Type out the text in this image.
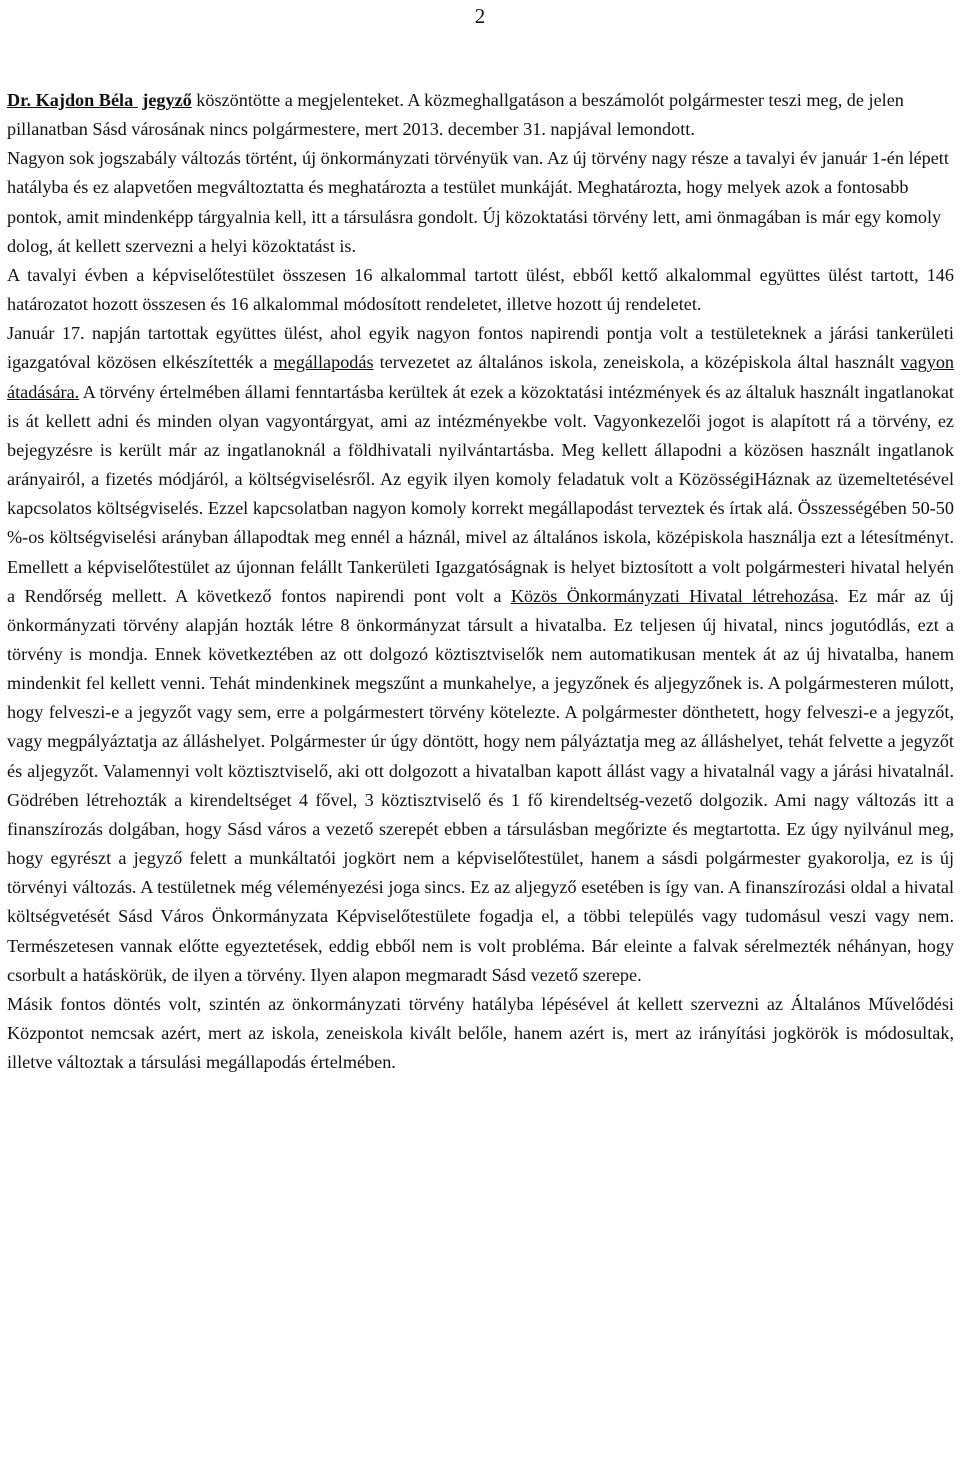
2

Dr. Kajdon Béla jegyző köszöntötte a megjelenteket. A közmeghallgatáson a beszámolót polgármester teszi meg, de jelen pillanatban Sásd városának nincs polgármestere, mert 2013. december 31. napjával lemondott.

Nagyon sok jogszabály változás történt, új önkormányzati törvényük van. Az új törvény nagy része a tavalyi év január 1-én lépett hatályba és ez alapvetően megváltoztatta és meghatározta a testület munkáját. Meghatározta, hogy melyek azok a fontosabb pontok, amit mindenképp tárgyalnia kell, itt a társulásra gondolt. Új közoktatási törvény lett, ami önmagában is már egy komoly dolog, át kellett szervezni a helyi közoktatást is.

A tavalyi évben a képviselőtestület összesen 16 alkalommal tartott ülést, ebből kettő alkalommal együttes ülést tartott, 146 határozatot hozott összesen és 16 alkalommal módosított rendeletet, illetve hozott új rendeletet.

Január 17. napján tartottak együttes ülést, ahol egyik nagyon fontos napirendi pontja volt a testületeknek a járási tankerületi igazgatóval közösen elkészítették a megállapodás tervezetet az általános iskola, zeneiskola, a középiskola által használt vagyon átadására. A törvény értelmében állami fenntartásba kerültek át ezek a közoktatási intézmények és az általuk használt ingatlanokat is át kellett adni és minden olyan vagyontárgyat, ami az intézményekbe volt. Vagyonkezelői jogot is alapított rá a törvény, ez bejegyzésre is került már az ingatlanoknál a földhivatali nyilvántartásba. Meg kellett állapodni a közösen használt ingatlanok arányairól, a fizetés módjáról, a költségviselésről. Az egyik ilyen komoly feladatuk volt a KözösségiHáznak az üzemeltetésével kapcsolatos költségviselés. Ezzel kapcsolatban nagyon komoly korrekt megállapodást terveztek és írtak alá. Összességében 50-50 %-os költségviselési arányban állapodtak meg ennél a háznál, mivel az általános iskola, középiskola használja ezt a létesítményt. Emellett a képviselőtestület az újonnan felállt Tankerületi Igazgatóságnak is helyet biztosított a volt polgármesteri hivatal helyén a Rendőrség mellett. A következő fontos napirendi pont volt a Közös Önkormányzati Hivatal létrehozása. Ez már az új önkormányzati törvény alapján hozták létre 8 önkormányzat társult a hivatalba. Ez teljesen új hivatal, nincs jogutódlás, ezt a törvény is mondja. Ennek következtében az ott dolgozó köztisztviselők nem automatikusan mentek át az új hivatalba, hanem mindenkit fel kellett venni. Tehát mindenkinek megszűnt a munkahelye, a jegyzőnek és aljegyzőnek is. A polgármesteren múlott, hogy felveszi-e a jegyzőt vagy sem, erre a polgármestert törvény kötelezte. A polgármester dönthetett, hogy felveszi-e a jegyzőt, vagy megpályáztatja az álláshelyet. Polgármester úr úgy döntött, hogy nem pályáztatja meg az álláshelyet, tehát felvette a jegyzőt és aljegyzőt. Valamennyi volt köztisztviselő, aki ott dolgozott a hivatalban kapott állást vagy a hivatalnál vagy a járási hivatalnál. Gödrében létrehozták a kirendeltséget 4 fővel, 3 köztisztviselő és 1 fő kirendeltség-vezető dolgozik. Ami nagy változás itt a finanszírozás dolgában, hogy Sásd város a vezető szerepét ebben a társulásban megőrizte és megtartotta. Ez úgy nyilvánul meg, hogy egyrészt a jegyző felett a munkáltatói jogkört nem a képviselőtestület, hanem a sásdi polgármester gyakorolja, ez is új törvényi változás. A testületnek még véleményezési joga sincs. Ez az aljegyző esetében is így van. A finanszírozási oldal a hivatal költségvetését Sásd Város Önkormányzata Képviselőtestülete fogadja el, a többi település vagy tudomásul veszi vagy nem. Természetesen vannak előtte egyeztetések, eddig ebből nem is volt probléma. Bár eleinte a falvak sérelmezték néhányan, hogy csorbult a hatáskörük, de ilyen a törvény. Ilyen alapon megmaradt Sásd vezető szerepe.

Másik fontos döntés volt, szintén az önkormányzati törvény hatályba lépésével át kellett szervezni az Általános Művelődési Központot nemcsak azért, mert az iskola, zeneiskola kivált belőle, hanem azért is, mert az irányítási jogkörök is módosultak, illetve változtak a társulási megállapodás értelmében.
